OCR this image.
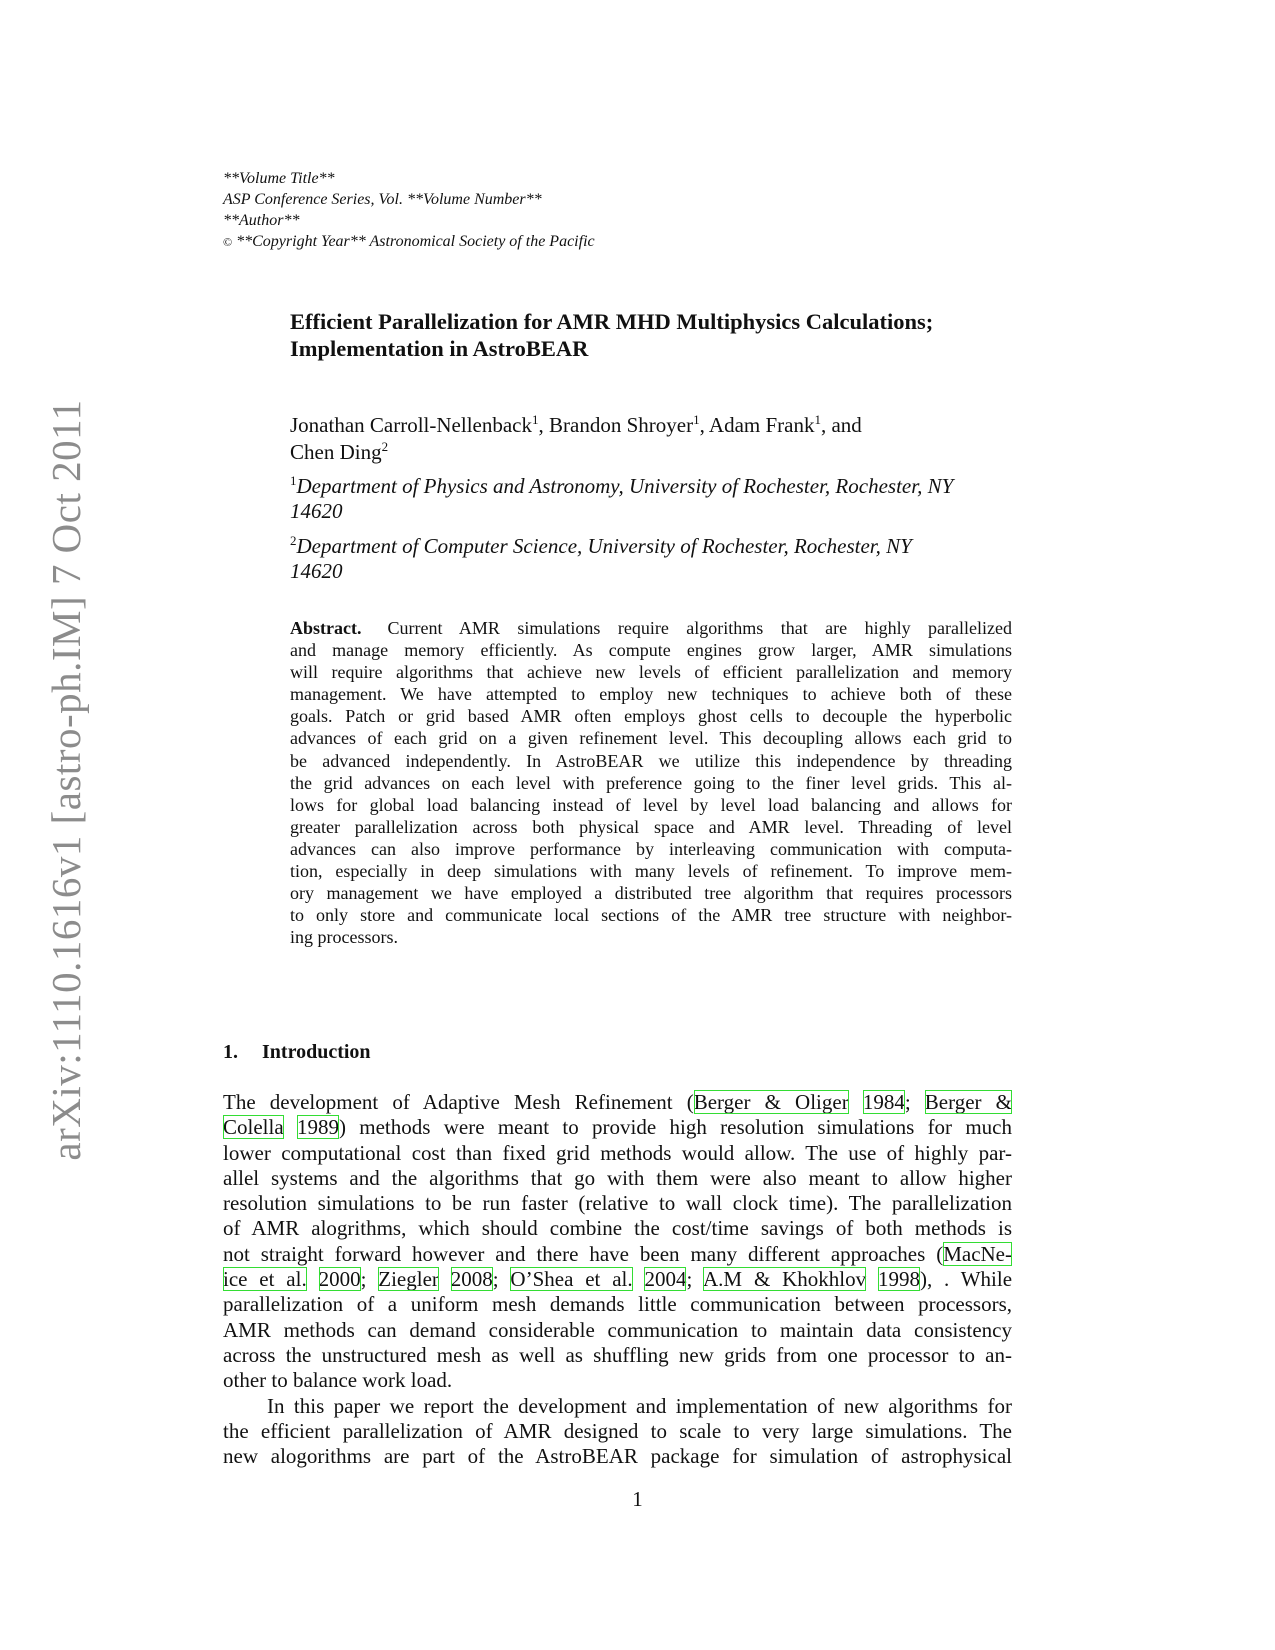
arXiv:1110.1616v1 [astro-ph.IM] 7 Oct 2011
**Volume Title**
ASP Conference Series, Vol. **Volume Number**
**Author**
© **Copyright Year** Astronomical Society of the Pacific
Efficient Parallelization for AMR MHD Multiphysics Calculations;
Implementation in AstroBEAR
Jonathan Carroll-Nellenback$^1$, Brandon Shroyer$^1$, Adam Frank$^1$, and
Chen Ding$^2$
$^1$Department of Physics and Astronomy, University of Rochester, Rochester, NY
14620
$^2$Department of Computer Science, University of Rochester, Rochester, NY
14620
Abstract. Current AMR simulations require algorithms that are highly parallelized
and manage memory efficiently. As compute engines grow larger, AMR simulations
will require algorithms that achieve new levels of efficient parallelization and memory
management. We have attempted to employ new techniques to achieve both of these
goals. Patch or grid based AMR often employs ghost cells to decouple the hyperbolic
advances of each grid on a given refinement level. This decoupling allows each grid to
be advanced independently. In AstroBEAR we utilize this independence by threading
the grid advances on each level with preference going to the finer level grids. This al-
lows for global load balancing instead of level by level load balancing and allows for
greater parallelization across both physical space and AMR level. Threading of level
advances can also improve performance by interleaving communication with computa-
tion, especially in deep simulations with many levels of refinement. To improve mem-
ory management we have employed a distributed tree algorithm that requires processors
to only store and communicate local sections of the AMR tree structure with neighbor-
ing processors.
1. Introduction
The development of Adaptive Mesh Refinement (Berger & Oliger 1984; Berger &
Colella 1989) methods were meant to provide high resolution simulations for much
lower computational cost than fixed grid methods would allow. The use of highly par-
allel systems and the algorithms that go with them were also meant to allow higher
resolution simulations to be run faster (relative to wall clock time). The parallelization
of AMR alogrithms, which should combine the cost/time savings of both methods is
not straight forward however and there have been many different approaches (MacNe-
ice et al. 2000; Ziegler 2008; O’Shea et al. 2004; A.M & Khokhlov 1998), . While
parallelization of a uniform mesh demands little communication between processors,
AMR methods can demand considerable communication to maintain data consistency
across the unstructured mesh as well as shuffling new grids from one processor to an-
other to balance work load.
In this paper we report the development and implementation of new algorithms for
the efficient parallelization of AMR designed to scale to very large simulations. The
new alogorithms are part of the AstroBEAR package for simulation of astrophysical
1
